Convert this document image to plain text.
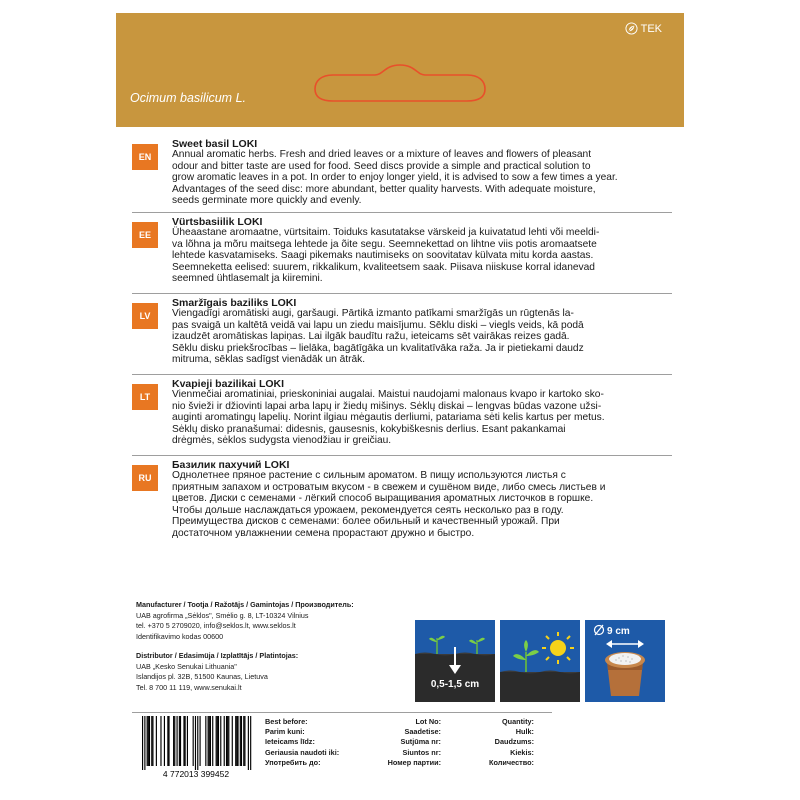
TEK
Ocimum basilicum L.
EN
Sweet basil LOKI
Annual aromatic herbs. Fresh and dried leaves or a mixture of leaves and flowers of pleasant
odour and bitter taste are used for food. Seed discs provide a simple and practical solution to
grow aromatic leaves in a pot. In order to enjoy longer yield, it is advised to sow a few times a year.
Advantages of the seed disc: more abundant, better quality harvests. With adequate moisture,
seeds germinate more quickly and evenly.
EE
Vürtsbasiilik LOKI
Üheaastane aromaatne, vürtsitaim. Toiduks kasutatakse värskeid ja kuivatatud lehti või meeldi-
va lõhna ja mõru maitsega lehtede ja õite segu. Seemnekettad on lihtne viis potis aromaatsete
lehtede kasvatamiseks. Saagi pikemaks nautimiseks on soovitatav külvata mitu korda aastas.
Seemneketta eelised: suurem, rikkalikum, kvaliteetsem saak. Piisava niiskuse korral idanevad
seemned ühtlasemalt ja kiiremini.
LV
Smaržīgais baziliks LOKI
Viengadīgi aromātiski augi, garšaugi. Pārtikā izmanto patīkami smaržīgās un rūgtenās la-
pas svaigā un kaltētā veidā vai lapu un ziedu maisījumu. Sēklu diski – viegls veids, kā podā
izaudzēt aromātiskas lapiņas. Lai ilgāk baudītu ražu, ieteicams sēt vairākas reizes gadā.
Sēklu disku priekšrocības – lielāka, bagātīgāka un kvalitatīvāka raža. Ja ir pietiekami daudz
mitruma, sēklas sadīgst vienādāk un ātrāk.
LT
Kvapieji bazilikai LOKI
Vienmečiai aromatiniai, prieskoniniai augalai. Maistui naudojami malonaus kvapo ir kartoko sko-
nio švieži ir džiovinti lapai arba lapų ir žiedų mišinys. Sėklų diskai – lengvas būdas vazone užsi-
auginti aromatingų lapelių. Norint ilgiau mėgautis derliumi, patariama sėti kelis kartus per metus.
Sėklų disko pranašumai: didesnis, gausesnis, kokybiškesnis derlius. Esant pakankamai
drėgmės, sėklos sudygsta vienodžiau ir greičiau.
RU
Базилик пахучий LOKI
Однолетнее пряное растение с сильным ароматом. В пищу используются листья с
приятным запахом и островатым вкусом - в свежем и сушёном виде, либо смесь листьев и
цветов. Диски с семенами - лёгкий способ выращивания ароматных листочков в горшке.
Чтобы дольше наслаждаться урожаем, рекомендуется сеять несколько раз в году.
Преимущества дисков с семенами: более обильный и качественный урожай. При
достаточном увлажнении семена прорастают дружно и быстро.
Manufacturer / Tootja / Ražotājs / Gamintojas / Производитель:
UAB agrofirma „Sėklos", Smėlio g. 8, LT-10324 Vilnius
tel. +370 5 2709020, info@seklos.lt, www.seklos.lt
Identifikavimo kodas 00600
Distributor / Edasimüja / Izplatītājs / Platintojas:
UAB „Kesko Senukai Lithuania"
Islandijos pl. 32B, 51500 Kaunas, Lietuva
Tel. 8 700 11 119, www.senukai.lt	0,5-1,5 cm
9 cm
4 772013 399452
Best before:
Parim kuni:
Ieteicams līdz:
Geriausia naudoti iki:
Употребить до:
Lot No:
Saadetise:
Sutjūma nr:
Siuntos nr:
Номер партии:
Quantity:
Hulk:
Daudzums:
Kiekis:
Количество:
